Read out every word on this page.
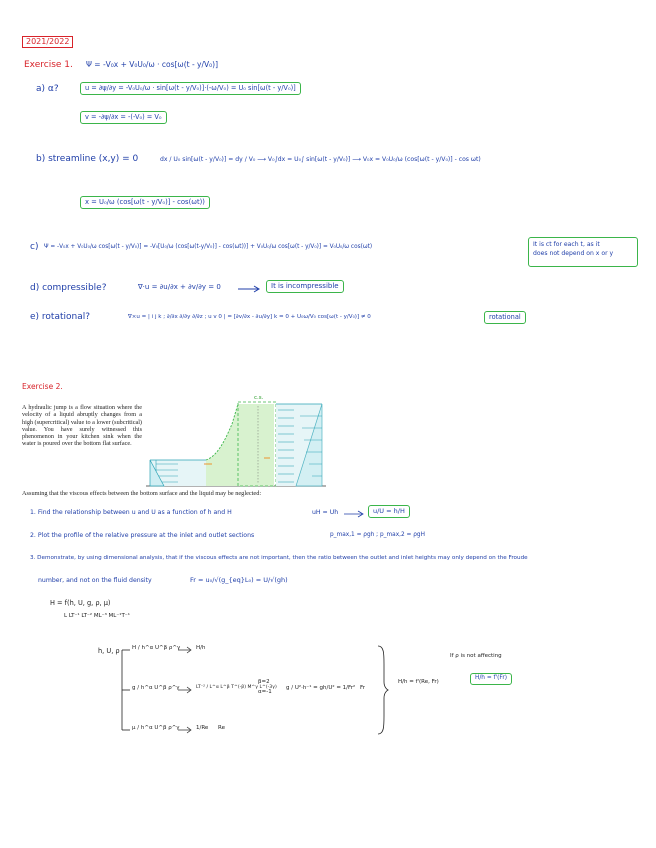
2021/2022
Exercise 1. Ψ = -V₀x + V₀U₀/ω · cos[ω(t - y/V₀)]
a) α?	u = ∂ψ/∂y = -V₀U₀/ω · sin[ω(t - y/V₀)]·(-ω/V₀) = U₀ sin[ω(t - y/V₀)]
v = -∂ψ/∂x = -(-V₀) = V₀
b) streamline (x,y) = 0	dx / U₀ sin[ω(t - y/V₀)] = dy / V₀ ⟶ V₀∫dx = U₀∫ sin[ω(t - y/V₀)] ⟶ V₀x = V₀U₀/ω (cos[ω(t - y/V₀)] - cos ωt)
x = U₀/ω (cos[ω(t - y/V₀)] - cos(ωt))
c) Ψ = -V₀x + V₀U₀/ω cos[ω(t - y/V₀)] = -V₀[U₀/ω (cos[ω(t-y/V₀)] - cos(ωt))] + V₀U₀/ω cos[ω(t - y/V₀)] = V₀U₀/ω cos(ωt)	It is ct for each t, as it
does not depend on x or y
d) compressible?	∇·u = ∂u/∂x + ∂v/∂y = 0	It is incompressible
e) rotational?	∇×u = | i j k ; ∂/∂x ∂/∂y ∂/∂z ; u v 0 | = [∂v/∂x - ∂u/∂y] k = 0 + U₀ω/V₀ cos[ω(t - y/V₀)] ≠ 0	rotational
Exercise 2.
A hydraulic jump is a flow situation where the velocity of a liquid abruptly changes from a high (supercritical) value to a lower (subcritical) value. You have surely witnessed this phenomenon in your kitchen sink when the water is poured over the bottom flat surface.
c.s.
Assuming that the viscous effects between the bottom surface and the liquid may be neglected:
1. Find the relationship between u and U as a function of h and H	uH = Uh	u/U = h/H
2. Plot the profile of the relative pressure at the inlet and outlet sections	p_max,1 = ρgh ; p_max,2 = ρgH
3. Demonstrate, by using dimensional analysis, that if the viscous effects are not important, then the ratio between the outlet and inlet heights may only depend on the Froude
number, and not on the fluid density	Fr = u₀/√(g_{eq}L₀) = U/√(gh)
H = f(h, U, g, ρ, μ)
L LT⁻¹ LT⁻² ML⁻³ ML⁻¹T⁻¹
h, U, ρ H / h^α U^β ρ^γ	H/h
g / h^α U^β ρ^γ	LT⁻² / L^α L^β T^(-β) M^γ L^(-3γ)
β=2
α=-1
g / U²·h⁻¹ = gh/U² = 1/Fr² Fr
μ / h^α U^β ρ^γ	1/Re Re
If ρ is not affecting
H/h = f'(Re, Fr)
H/h = f'(Fr)
